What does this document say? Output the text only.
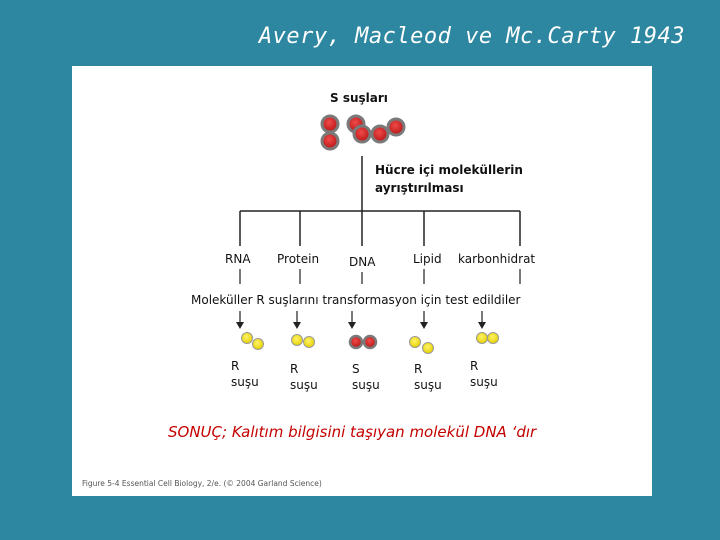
Avery, Macleod ve Mc.Carty 1943
S suşları
Hücre içi moleküllerin
ayrıştırılması
RNA Protein DNA	Lipid karbonhidrat
Moleküller R suşlarını transformasyon için test edildiler
R
suşu
R
suşu
S
suşu
R
suşu
R
suşu
SONUÇ; Kalıtım bilgisini taşıyan molekül DNA ‘dır
Figure 5-4 Essential Cell Biology, 2/e. (© 2004 Garland Science)
